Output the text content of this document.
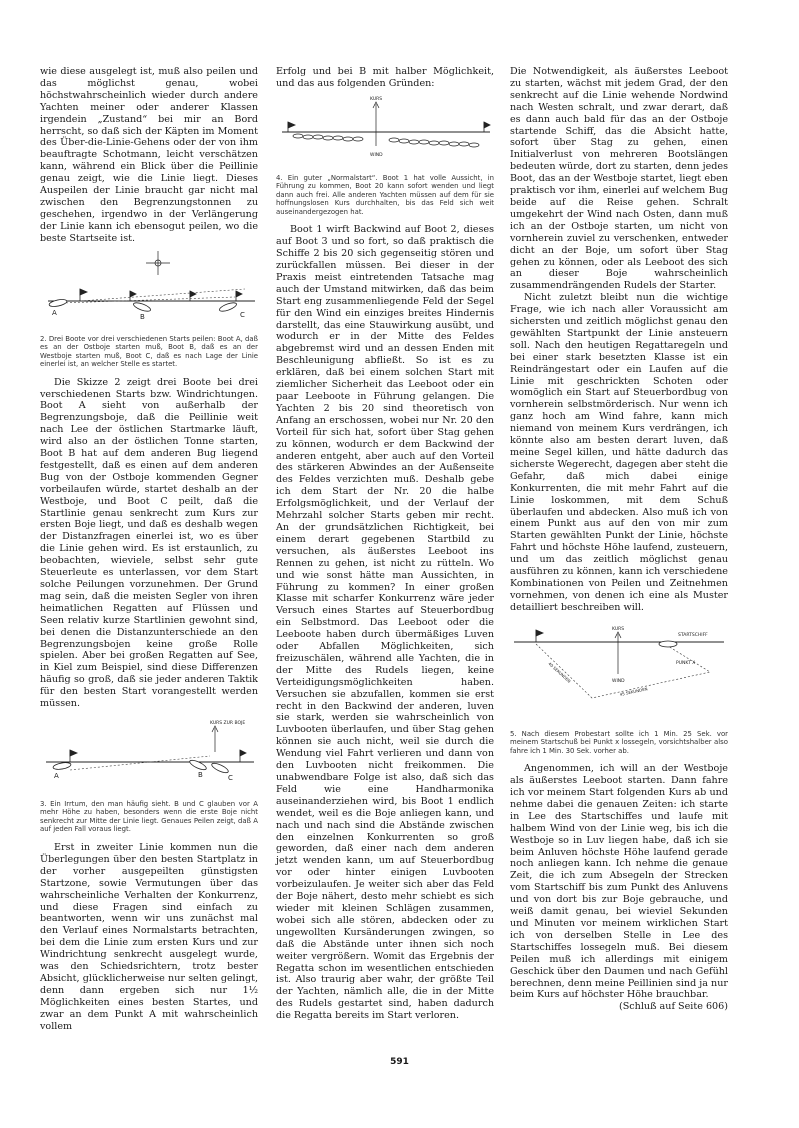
wie diese ausgelegt ist, muß also peilen und das möglichst genau, wobei höchstwahrscheinlich wieder durch andere Yachten meiner oder anderer Klassen irgendein „Zustand“ bei mir an Bord herrscht, so daß sich der Käpten im Moment des Über-die-Linie-Gehens oder der von ihm beauftragte Schotmann, leicht verschätzen kann, während ein Blick über die Peillinie genau zeigt, wie die Linie liegt. Dieses Auspeilen der Linie braucht gar nicht mal zwischen den Begrenzungstonnen zu geschehen, irgendwo in der Verlängerung der Linie kann ich ebensogut peilen, wo die beste Startseite ist.

A	B	C

2. Drei Boote vor drei verschiedenen Starts peilen: Boot A, daß es an der Ostboje starten muß, Boot B, daß es an der Westboje starten muß, Boot C, daß es nach Lage der Linie einerlei ist, an welcher Stelle es startet.

Die Skizze 2 zeigt drei Boote bei drei verschiedenen Starts bzw. Windrichtungen. Boot A sieht von außerhalb der Begrenzungsboje, daß die Peillinie weit nach Lee der östlichen Startmarke läuft, wird also an der östlichen Tonne starten, Boot B hat auf dem anderen Bug liegend festgestellt, daß es einen auf dem anderen Bug von der Ostboje kommenden Gegner vorbeilaufen würde, startet deshalb an der Westboje, und Boot C peilt, daß die Startlinie genau senkrecht zum Kurs zur ersten Boje liegt, und daß es deshalb wegen der Distanzfragen einerlei ist, wo es über die Linie gehen wird. Es ist erstaunlich, zu beobachten, wieviele, selbst sehr gute Steuerleute es unterlassen, vor dem Start solche Peilungen vorzunehmen. Der Grund mag sein, daß die meisten Segler von ihren heimatlichen Regatten auf Flüssen und Seen relativ kurze Startlinien gewohnt sind, bei denen die Distanzunterschiede an den Begrenzungsbojen keine große Rolle spielen. Aber bei großen Regatten auf See, in Kiel zum Beispiel, sind diese Differenzen häufig so groß, daß sie jeder anderen Taktik für den besten Start vorangestellt werden müssen.

KURS ZUR BOJE
A	B	C

3. Ein Irrtum, den man häufig sieht. B und C glauben vor A mehr Höhe zu haben, besonders wenn die erste Boje nicht senkrecht zur Mitte der Linie liegt. Genaues Peilen zeigt, daß A auf jeden Fall voraus liegt.

Erst in zweiter Linie kommen nun die Überlegungen über den besten Startplatz in der vorher ausgepeilten günstigsten Startzone, sowie Vermutungen über das wahrscheinliche Verhalten der Konkurrenz, und diese Fragen sind einfach zu beantworten, wenn wir uns zunächst mal den Verlauf eines Normalstarts betrachten, bei dem die Linie zum ersten Kurs und zur Windrichtung senkrecht ausgelegt wurde, was den Schiedsrichtern, trotz bester Absicht, glücklicherweise nur selten gelingt, denn dann ergeben sich nur 1½ Möglichkeiten eines besten Startes, und zwar an dem Punkt A mit wahrscheinlich vollem

Erfolg und bei B mit halber Möglichkeit, und das aus folgenden Gründen:

KURS
WIND

4. Ein guter „Normalstart“. Boot 1 hat volle Aussicht, in Führung zu kommen, Boot 20 kann sofort wenden und liegt dann auch frei. Alle anderen Yachten müssen auf dem für sie hoffnungslosen Kurs durchhalten, bis das Feld sich weit auseinandergezogen hat.

Boot 1 wirft Backwind auf Boot 2, dieses auf Boot 3 und so fort, so daß praktisch die Schiffe 2 bis 20 sich gegenseitig stören und zurückfallen müssen. Bei dieser in der Praxis meist eintretenden Tatsache mag auch der Umstand mitwirken, daß das beim Start eng zusammenliegende Feld der Segel für den Wind ein einziges breites Hindernis darstellt, das eine Stauwirkung ausübt, und wodurch er in der Mitte des Feldes abgebremst wird und an dessen Enden mit Beschleunigung abfließt. So ist es zu erklären, daß bei einem solchen Start mit ziemlicher Sicherheit das Leeboot oder ein paar Leeboote in Führung gelangen. Die Yachten 2 bis 20 sind theoretisch von Anfang an erschossen, wobei nur Nr. 20 den Vorteil für sich hat, sofort über Stag gehen zu können, wodurch er dem Backwind der anderen entgeht, aber auch auf den Vorteil des stärkeren Abwindes an der Außenseite des Feldes verzichten muß. Deshalb gebe ich dem Start der Nr. 20 die halbe Erfolgsmöglichkeit, und der Verlauf der Mehrzahl solcher Starts geben mir recht. An der grundsätzlichen Richtigkeit, bei einem derart gegebenen Startbild zu versuchen, als äußerstes Leeboot ins Rennen zu gehen, ist nicht zu rütteln. Wo und wie sonst hätte man Aussichten, in Führung zu kommen? In einer großen Klasse mit scharfer Konkurrenz wäre jeder Versuch eines Startes auf Steuerbordbug ein Selbstmord. Das Leeboot oder die Leeboote haben durch übermäßiges Luven oder Abfallen Möglichkeiten, sich freizuschälen, während alle Yachten, die in der Mitte des Rudels liegen, keine Verteidigungsmöglichkeiten haben. Versuchen sie abzufallen, kommen sie erst recht in den Backwind der anderen, luven sie stark, werden sie wahrscheinlich von Luvbooten überlaufen, und über Stag gehen können sie auch nicht, weil sie durch die Wendung viel Fahrt verlieren und dann von den Luvbooten nicht freikommen. Die unabwendbare Folge ist also, daß sich das Feld wie eine Handharmonika auseinanderziehen wird, bis Boot 1 endlich wendet, weil es die Boje anliegen kann, und nach und nach sind die Abstände zwischen den einzelnen Konkurrenten so groß geworden, daß einer nach dem anderen jetzt wenden kann, um auf Steuerbordbug vor oder hinter einigen Luvbooten vorbeizulaufen. Je weiter sich aber das Feld der Boje nähert, desto mehr schiebt es sich wieder mit kleinen Schlägen zusammen, wobei sich alle stören, abdecken oder zu ungewollten Kursänderungen zwingen, so daß die Abstände unter ihnen sich noch weiter vergrößern. Womit das Ergebnis der Regatta schon im wesentlichen entschieden ist. Also traurig aber wahr, der größte Teil der Yachten, nämlich alle, die in der Mitte des Rudels gestartet sind, haben dadurch die Regatta bereits im Start verloren.

Die Notwendigkeit, als äußerstes Leeboot zu starten, wächst mit jedem Grad, der den senkrecht auf die Linie wehende Nordwind nach Westen schralt, und zwar derart, daß es dann auch bald für das an der Ostboje startende Schiff, das die Absicht hatte, sofort über Stag zu gehen, einen Initialverlust von mehreren Bootslängen bedeuten würde, dort zu starten, denn jedes Boot, das an der Westboje startet, liegt eben praktisch vor ihm, einerlei auf welchem Bug beide auf die Reise gehen. Schralt umgekehrt der Wind nach Osten, dann muß ich an der Ostboje starten, um nicht von vornherein zuviel zu verschenken, entweder dicht an der Boje, um sofort über Stag gehen zu können, oder als Leeboot des sich an dieser Boje wahrscheinlich zusammendrängenden Rudels der Starter.

Nicht zuletzt bleibt nun die wichtige Frage, wie ich nach aller Voraussicht am sichersten und zeitlich möglichst genau den gewählten Startpunkt der Linie ansteuern soll. Nach den heutigen Regattaregeln und bei einer stark besetzten Klasse ist ein Reindrängestart oder ein Laufen auf die Linie mit geschrickten Schoten oder womöglich ein Start auf Steuerbordbug von vornherein selbstmörderisch. Nur wenn ich ganz hoch am Wind fahre, kann mich niemand von meinem Kurs verdrängen, ich könnte also am besten derart luven, daß meine Segel killen, und hätte dadurch das sicherste Wegerecht, dagegen aber steht die Gefahr, daß mich dabei einige Konkurrenten, die mit mehr Fahrt auf die Linie loskommen, mit dem Schuß überlaufen und abdecken. Also muß ich von einem Punkt aus auf den von mir zum Starten gewählten Punkt der Linie, höchste Fahrt und höchste Höhe laufend, zusteuern, und um das zeitlich möglichst genau ausführen zu können, kann ich verschiedene Kombinationen von Peilen und Zeitnehmen vornehmen, von denen ich eine als Muster detailliert beschreiben will.

STARTSCHIFF
KURS
WIND
PUNKT X
40 SEKUNDEN
45 SEKUNDEN

5. Nach diesem Probestart sollte ich 1 Min. 25 Sek. vor meinem Startschuß bei Punkt x lossegeln, vorsichtshalber also fahre ich 1 Min. 30 Sek. vorher ab.

Angenommen, ich will an der Westboje als äußerstes Leeboot starten. Dann fahre ich vor meinem Start folgenden Kurs ab und nehme dabei die genauen Zeiten: ich starte in Lee des Startschiffes und laufe mit halbem Wind von der Linie weg, bis ich die Westboje so in Luv liegen habe, daß ich sie beim Anluven höchste Höhe laufend gerade noch anliegen kann. Ich nehme die genaue Zeit, die ich zum Absegeln der Strecken vom Startschiff bis zum Punkt des Anluvens und von dort bis zur Boje gebrauche, und weiß damit genau, bei wieviel Sekunden und Minuten vor meinem wirklichen Start ich von derselben Stelle in Lee des Startschiffes lossegeln muß. Bei diesem Peilen muß ich allerdings mit einigem Geschick über den Daumen und nach Gefühl berechnen, denn meine Peillinien sind ja nur beim Kurs auf höchster Höhe brauchbar.

(Schluß auf Seite 606)

591
